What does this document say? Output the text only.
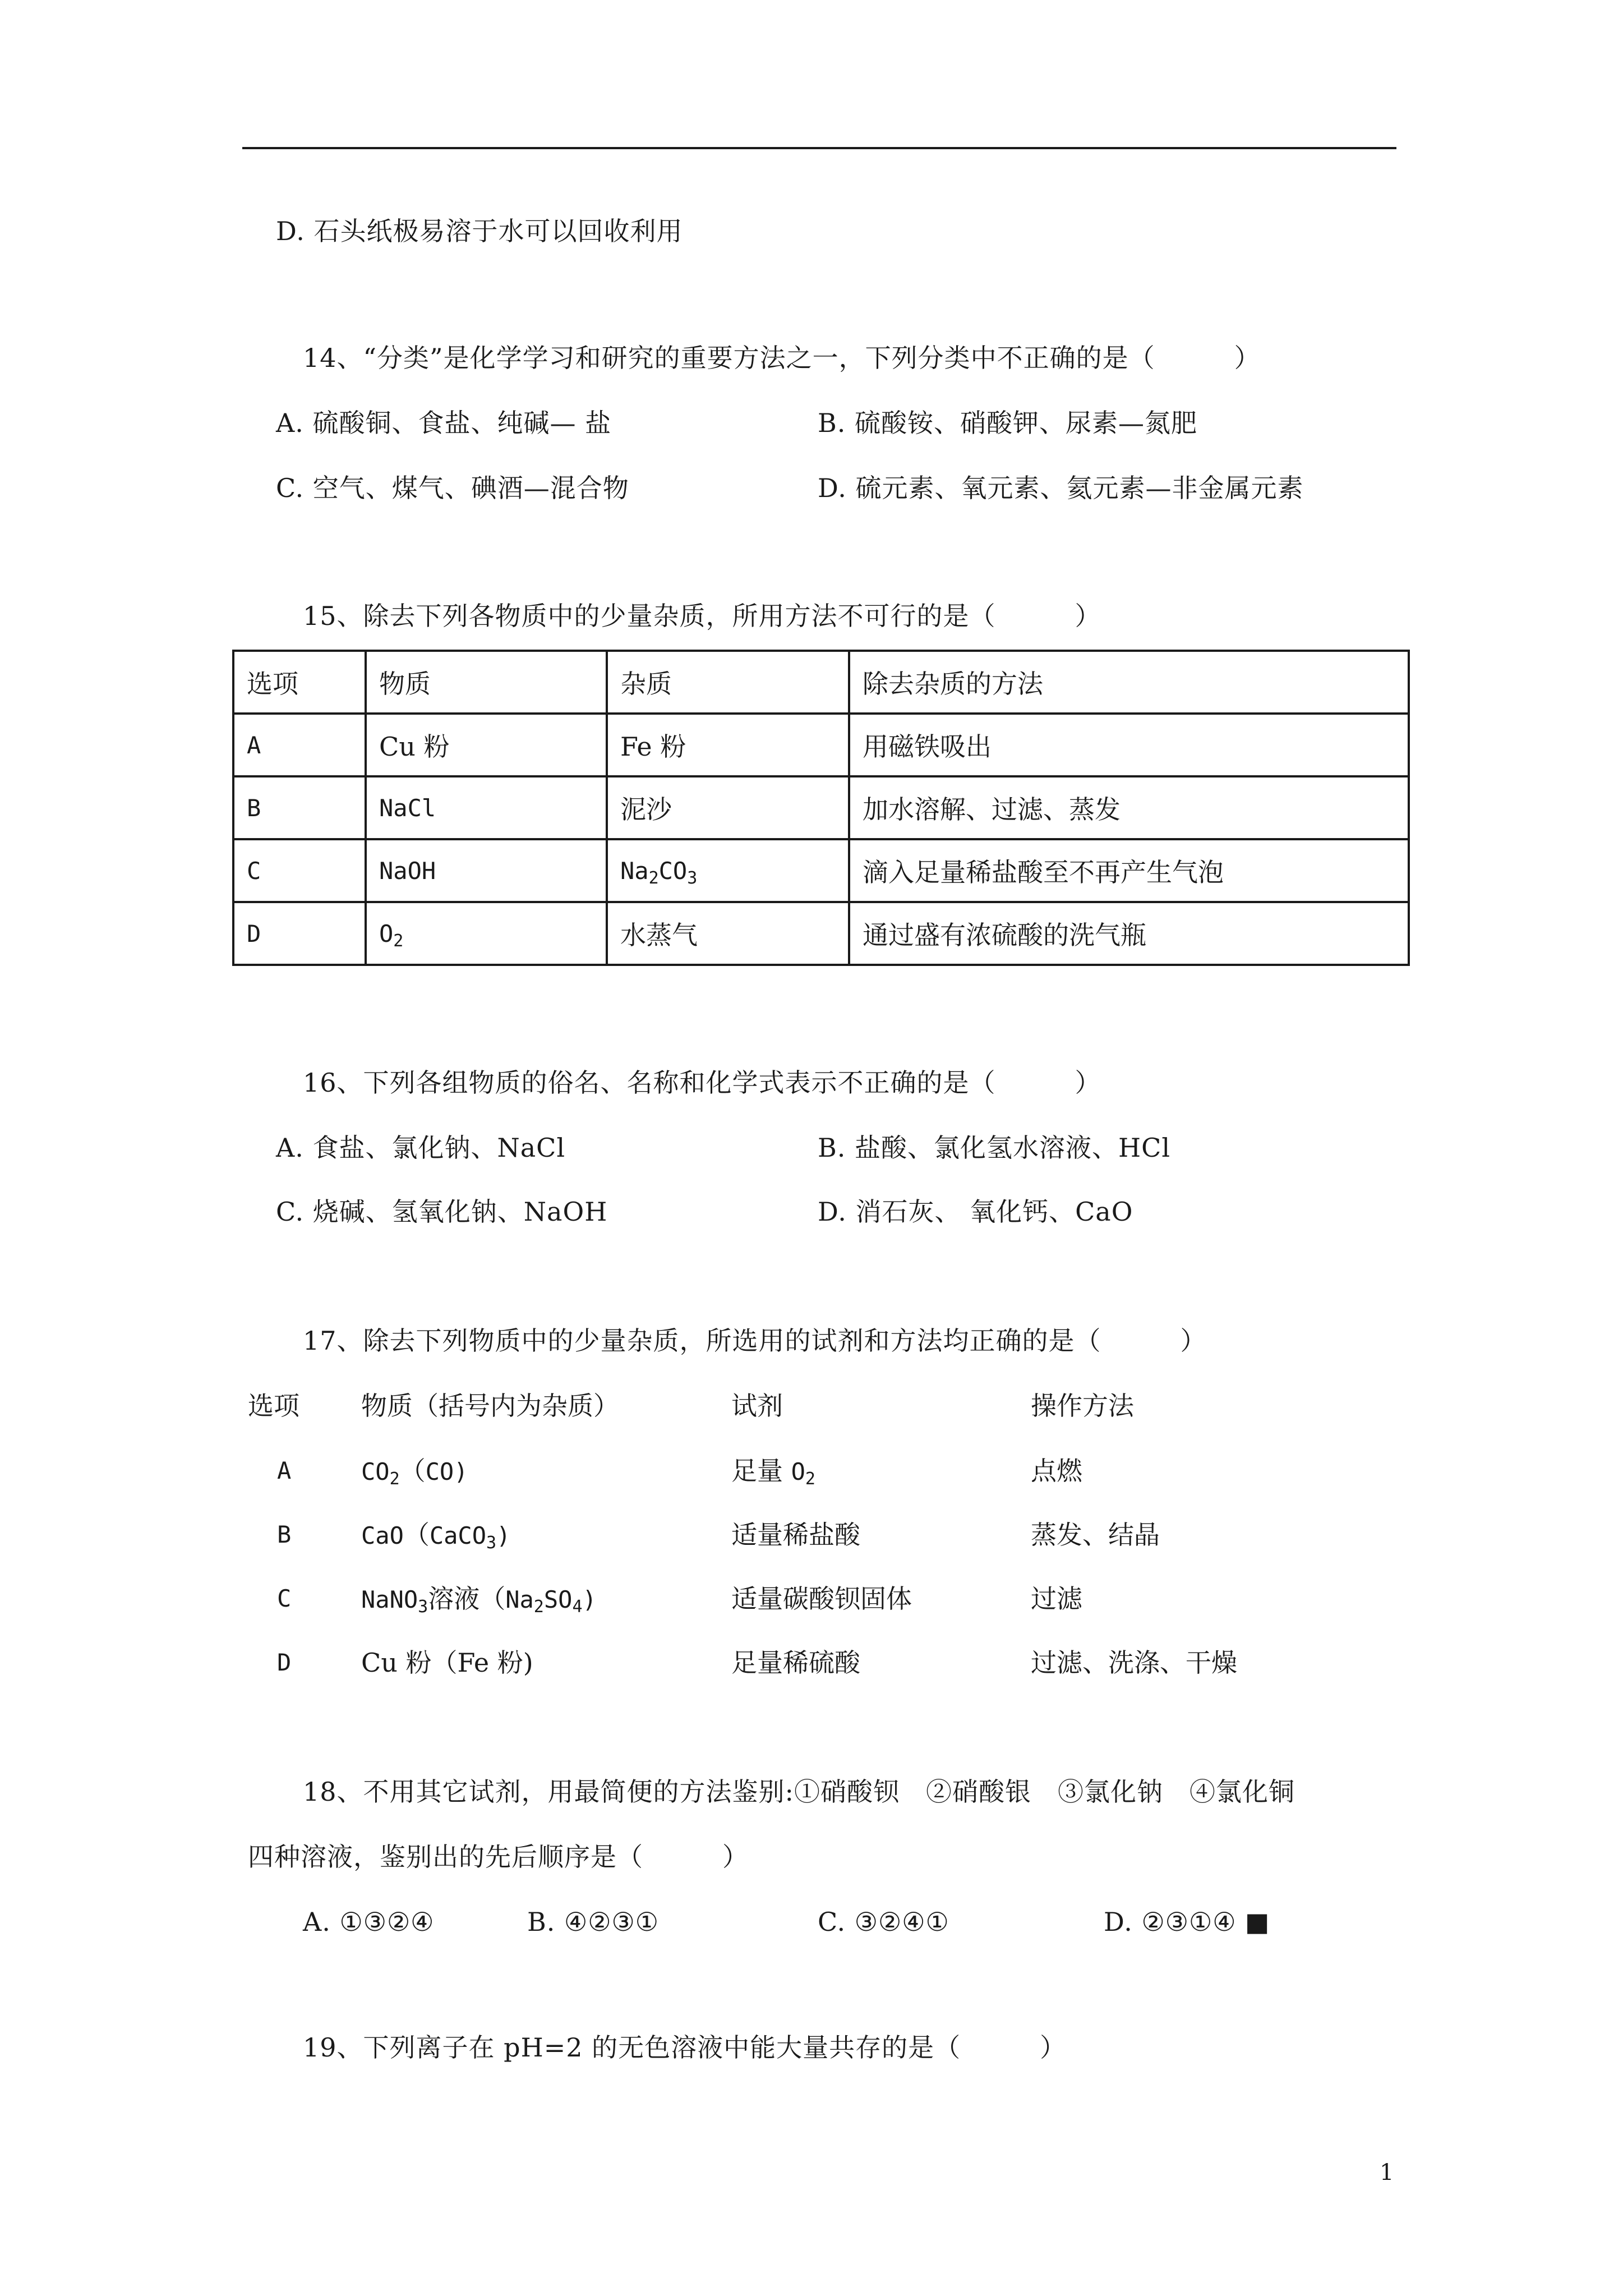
D. 石头纸极易溶于水可以回收利用
14、“分类”是化学学习和研究的重要方法之一，下列分类中不正确的是（　　　）
A. 硫酸铜、食盐、纯碱— 盐	B. 硫酸铵、硝酸钾、尿素—氮肥
C. 空气、煤气、碘酒—混合物	D. 硫元素、氧元素、氦元素—非金属元素
15、除去下列各物质中的少量杂质，所用方法不可行的是（　　　）
选项	物质	杂质	除去杂质的方法
A	Cu 粉	Fe 粉	用磁铁吸出
B	NaCl	泥沙	加水溶解、过滤、蒸发
C	NaOH	$Na_2CO_3$	滴入足量稀盐酸至不再产生气泡
D	$O_2$	水蒸气	通过盛有浓硫酸的洗气瓶
16、下列各组物质的俗名、名称和化学式表示不正确的是（　　　）
A. 食盐、氯化钠、NaCl	B. 盐酸、氯化氢水溶液、HCl
C. 烧碱、氢氧化钠、NaOH	D. 消石灰、 氧化钙、CaO
17、除去下列物质中的少量杂质，所选用的试剂和方法均正确的是（　　　）
选项 物质（括号内为杂质）	试剂	操作方法
A	$CO_2(CO)$	足量 $O_2$	点燃
B	CaO（CaCO$_3$)	适量稀盐酸	蒸发、结晶
C	NaNO$_3$溶液$(Na_2SO_4)$	适量碳酸钡固体	过滤
D	Cu 粉（Fe 粉)	足量稀硫酸	过滤、洗涤、干燥
18、不用其它试剂，用最简便的方法鉴别:①硝酸钡　②硝酸银　③氯化钠　④氯化铜
四种溶液，鉴别出的先后顺序是（　　　）
A. ①③②④	B. ④②③①	C. ③②④①	D. ②③①④ ■
19、下列离子在 pH=2 的无色溶液中能大量共存的是（　　　）
1
